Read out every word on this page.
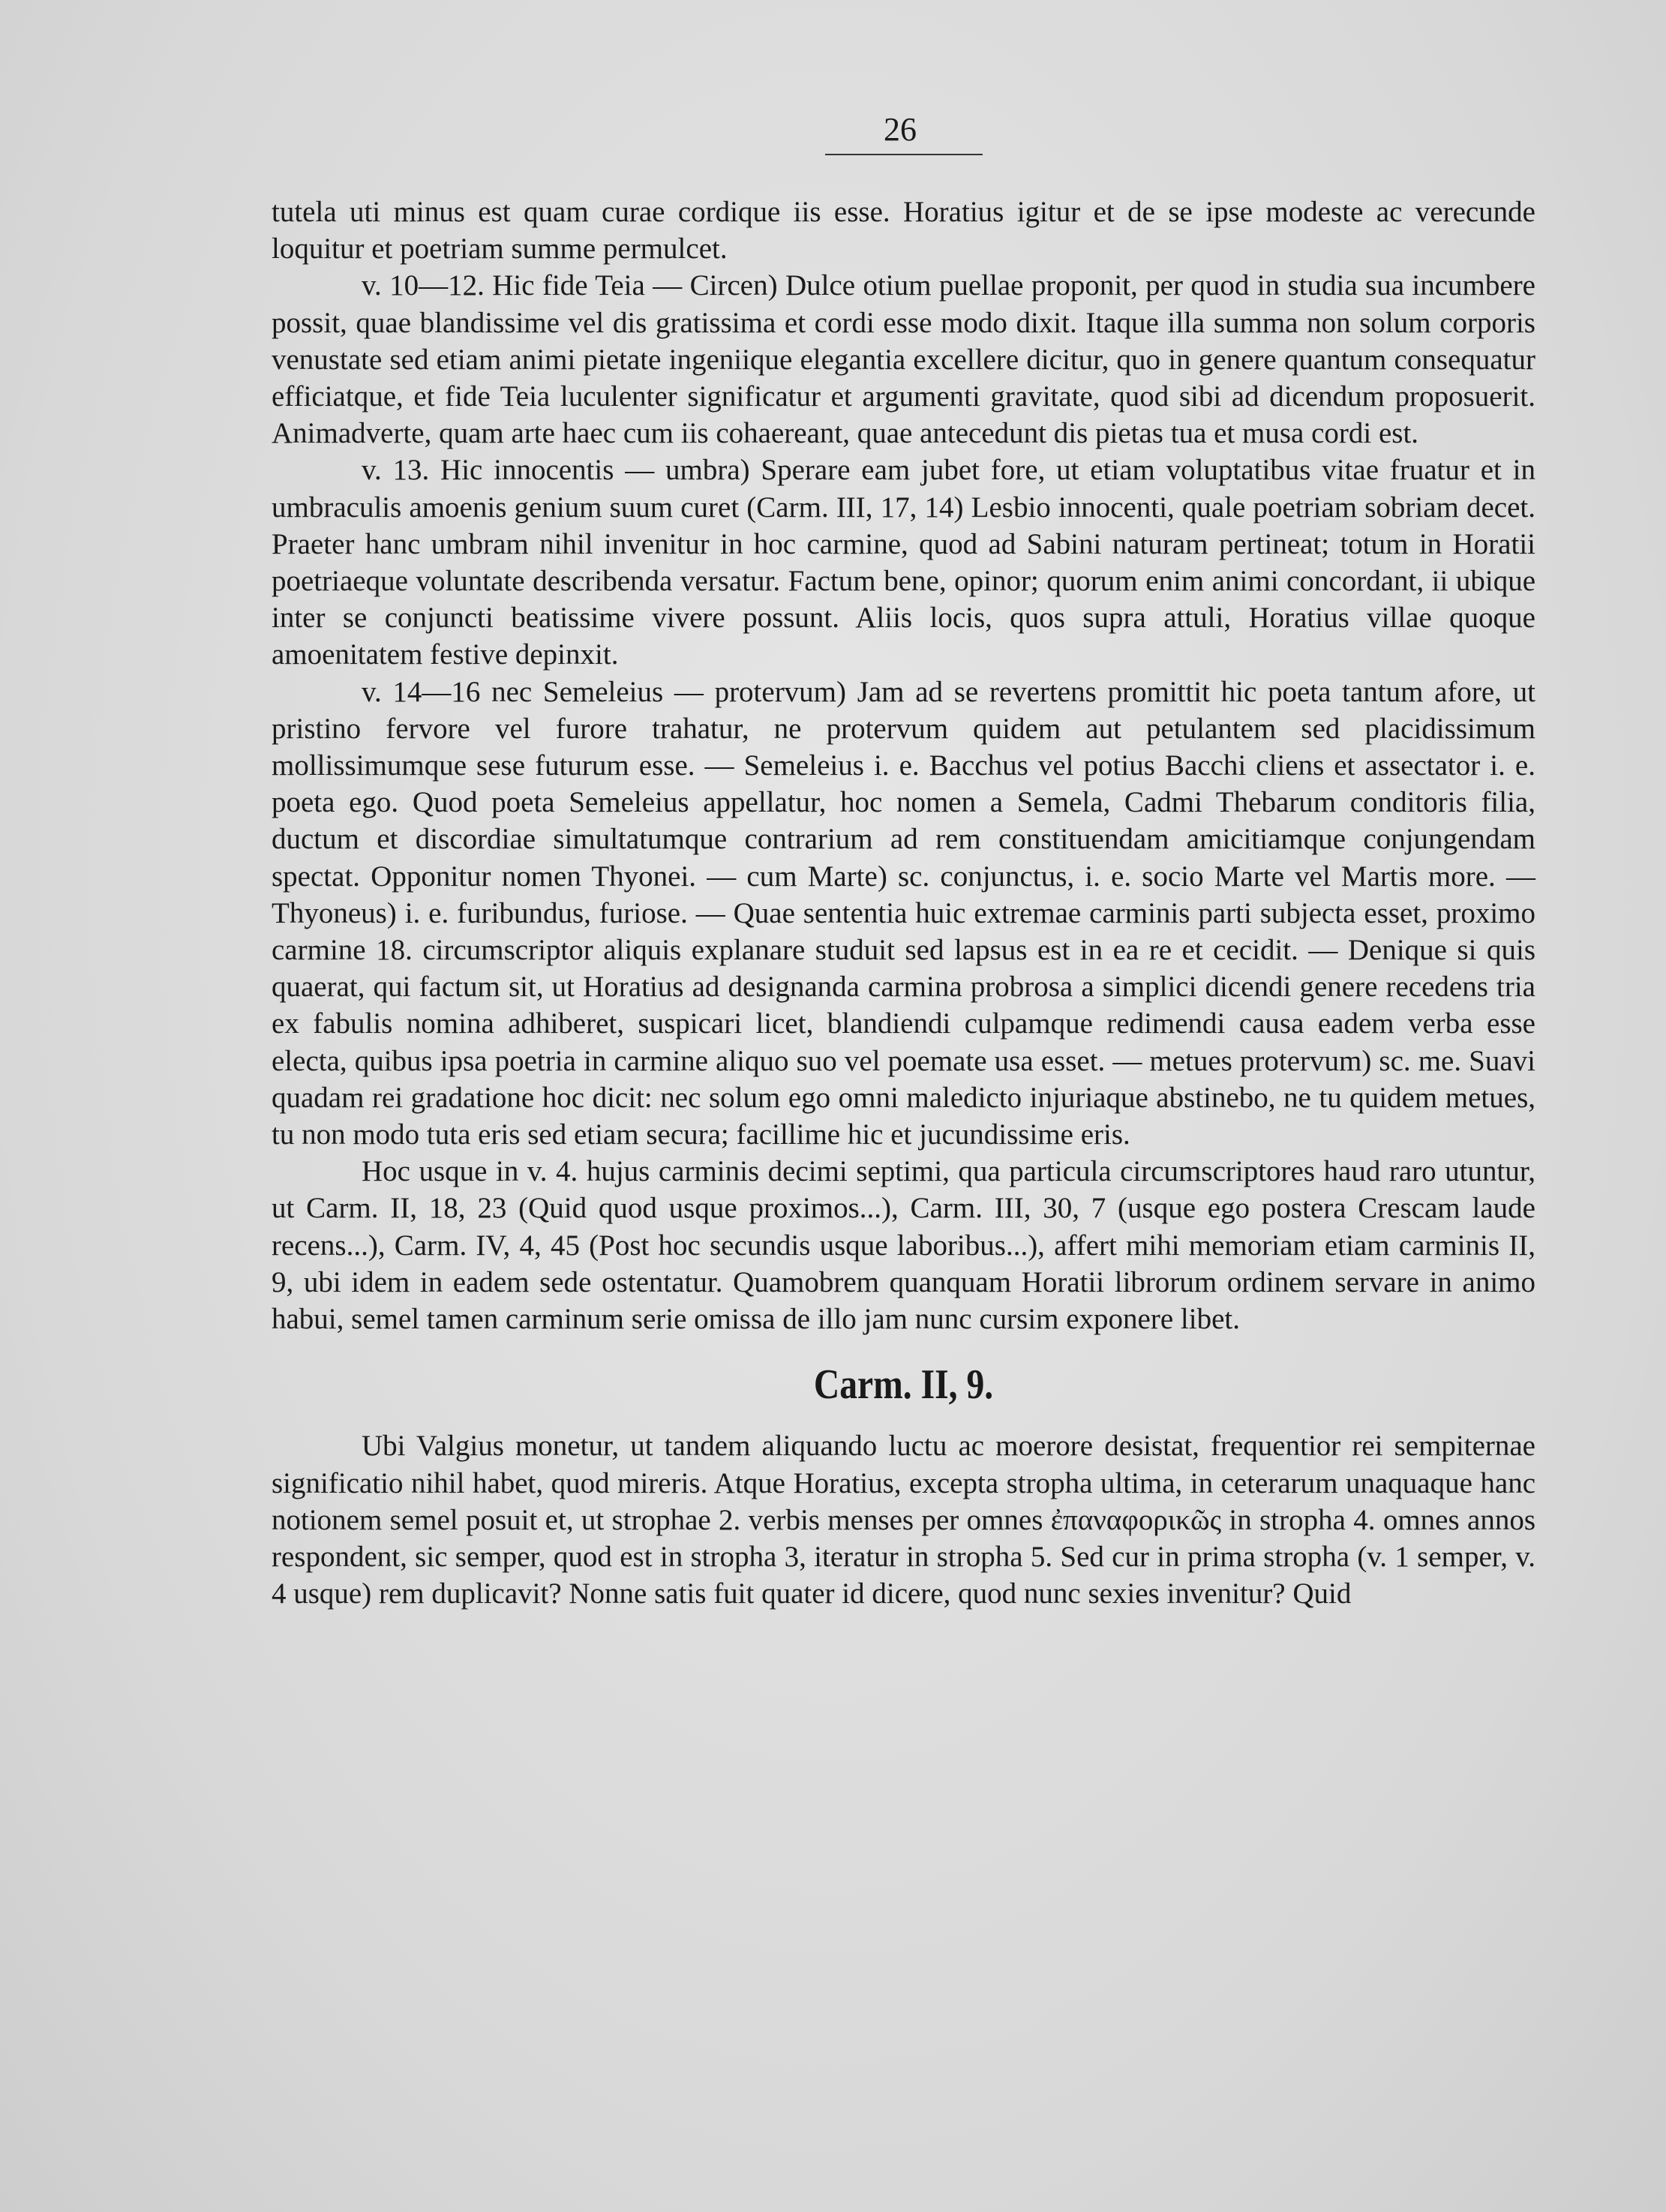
26

tutela uti minus est quam curae cordique iis esse. Horatius igitur et de se ipse modeste ac verecunde loquitur et poetriam summe permulcet.

v. 10—12. Hic fide Teia — Circen) Dulce otium puellae proponit, per quod in studia sua incumbere possit, quae blandissime vel dis gratissima et cordi esse modo dixit. Itaque illa summa non solum corporis venustate sed etiam animi pietate ingeniique elegantia excellere dicitur, quo in genere quantum consequatur efficiatque, et fide Teia luculenter significatur et argumenti gravitate, quod sibi ad dicendum proposuerit. Animadverte, quam arte haec cum iis cohaereant, quae antecedunt dis pietas tua et musa cordi est.

v. 13. Hic innocentis — umbra) Sperare eam jubet fore, ut etiam voluptatibus vitae fruatur et in umbraculis amoenis genium suum curet (Carm. III, 17, 14) Lesbio innocenti, quale poetriam sobriam decet. Praeter hanc umbram nihil invenitur in hoc carmine, quod ad Sabini naturam pertineat; totum in Horatii poetriaeque voluntate describenda versatur. Factum bene, opinor; quorum enim animi concordant, ii ubique inter se conjuncti beatissime vivere possunt. Aliis locis, quos supra attuli, Horatius villae quoque amoenitatem festive depinxit.

v. 14—16 nec Semeleius — protervum) Jam ad se revertens promittit hic poeta tantum afore, ut pristino fervore vel furore trahatur, ne protervum quidem aut petulantem sed placidissimum mollissimumque sese futurum esse. — Semeleius i. e. Bacchus vel potius Bacchi cliens et assectator i. e. poeta ego. Quod poeta Semeleius appellatur, hoc nomen a Semela, Cadmi Thebarum conditoris filia, ductum et discordiae simultatumque contrarium ad rem constituendam amicitiamque conjungendam spectat. Opponitur nomen Thyonei. — cum Marte) sc. conjunctus, i. e. socio Marte vel Martis more. — Thyoneus) i. e. furibundus, furiose. — Quae sententia huic extremae carminis parti subjecta esset, proximo carmine 18. circumscriptor aliquis explanare studuit sed lapsus est in ea re et cecidit. — Denique si quis quaerat, qui factum sit, ut Horatius ad designanda carmina probrosa a simplici dicendi genere recedens tria ex fabulis nomina adhiberet, suspicari licet, blandiendi culpamque redimendi causa eadem verba esse electa, quibus ipsa poetria in carmine aliquo suo vel poemate usa esset. — metues protervum) sc. me. Suavi quadam rei gradatione hoc dicit: nec solum ego omni maledicto injuriaque abstinebo, ne tu quidem metues, tu non modo tuta eris sed etiam secura; facillime hic et jucundissime eris.

Hoc usque in v. 4. hujus carminis decimi septimi, qua particula circumscriptores haud raro utuntur, ut Carm. II, 18, 23 (Quid quod usque proximos...), Carm. III, 30, 7 (usque ego postera Crescam laude recens...), Carm. IV, 4, 45 (Post hoc secundis usque laboribus...), affert mihi memoriam etiam carminis II, 9, ubi idem in eadem sede ostentatur. Quamobrem quanquam Horatii librorum ordinem servare in animo habui, semel tamen carminum serie omissa de illo jam nunc cursim exponere libet.

Carm. II, 9.

Ubi Valgius monetur, ut tandem aliquando luctu ac moerore desistat, frequentior rei sempiternae significatio nihil habet, quod mireris. Atque Horatius, excepta stropha ultima, in ceterarum unaquaque hanc notionem semel posuit et, ut strophae 2. verbis menses per omnes ἐπαναφορικῶς in stropha 4. omnes annos respondent, sic semper, quod est in stropha 3, iteratur in stropha 5. Sed cur in prima stropha (v. 1 semper, v. 4 usque) rem duplicavit? Nonne satis fuit quater id dicere, quod nunc sexies invenitur? Quid
